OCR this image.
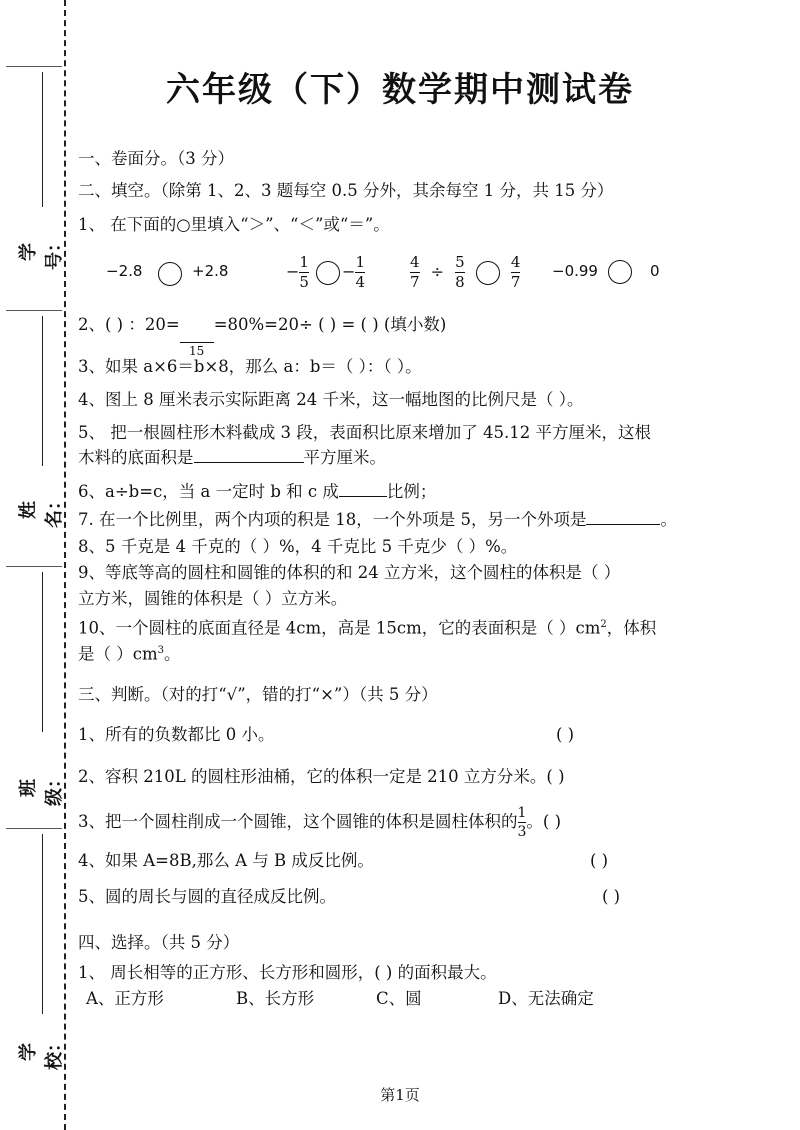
学号：
姓名：
班级：
学校：
六年级（下）数学期中测试卷
一、卷面分。（3 分）
二、填空。（除第 1、2、3 题每空 0.5 分外，其余每空 1 分，共 15 分）
1、 在下面的○里填入“＞”、“＜”或“＝”。
−2.8	+2.8	− $\frac{1}{5} - \frac{1}{4}$	$\frac{4}{7} \div \frac{5}{8}$
	$\frac{4}{7} -0.99$	0
2、( ) ：20=
15
=80%=20÷ ( ) = ( ) (填小数)
3、如果 a×6＝b×8，那么 a：b＝（ ）：（ ）。
4、图上 8 厘米表示实际距离 24 千米，这一幅地图的比例尺是（ ）。
5、 把一根圆柱形木料截成 3 段，表面积比原来增加了 45.12 平方厘米，这根
木料的底面积是	平方厘米。
6、a÷b=c，当 a 一定时 b 和 c 成	比例；
7. 在一个比例里，两个内项的积是 18，一个外项是 5，另一个外项是	。
8、5 千克是 4 千克的（ ）%，4 千克比 5 千克少（ ）%。
9、等底等高的圆柱和圆锥的体积的和 24 立方米，这个圆柱的体积是（ ）
立方米，圆锥的体积是（ ）立方米。
10、一个圆柱的底面直径是 4cm，高是 15cm，它的表面积是（ ）$cm^2$，体积
是（ ）$cm^3$。
三、判断。（对的打“√”，错的打“×”）（共 5 分）
1、所有的负数都比 0 小。	( )
2、容积 210L 的圆柱形油桶，它的体积一定是 210 立方分米。( )
3、把一个圆柱削成一个圆锥，这个圆锥的体积是圆柱体积的 $\frac{1}{3}$ 。( )
4、如果 A=8B,那么 A 与 B 成反比例。	( )
5、圆的周长与圆的直径成反比例。	( )
四、选择。（共 5 分）
1、 周长相等的正方形、长方形和圆形，( ) 的面积最大。
A、正方形	B、长方形	C、圆	D、无法确定
第1页
